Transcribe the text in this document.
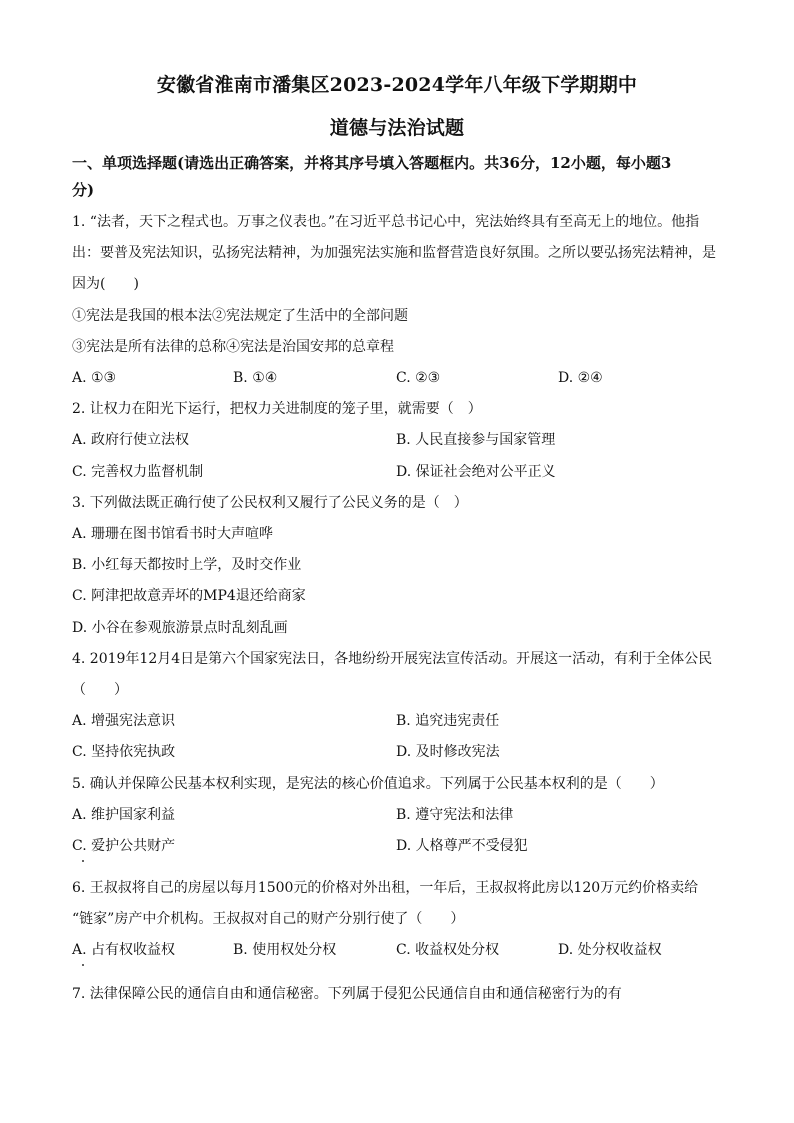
安徽省淮南市潘集区2023-2024学年八年级下学期期中
道德与法治试题
一、单项选择题(请选出正确答案，并将其序号填入答题框内。共36分，12小题，每小题3
分)
1. “法者，天下之程式也。万事之仪表也。”在习近平总书记心中，宪法始终具有至高无上的地位。他指
出：要普及宪法知识，弘扬宪法精神，为加强宪法实施和监督营造良好氛围。之所以要弘扬宪法精神，是
因为(　　)
①宪法是我国的根本法②宪法规定了生活中的全部问题
③宪法是所有法律的总称④宪法是治国安邦的总章程
A. ①③	B. ①④	C. ②③	D. ②④
2. 让权力在阳光下运行，把权力关进制度的笼子里，就需要（　）
A. 政府行使立法权	B. 人民直接参与国家管理
C. 完善权力监督机制	D. 保证社会绝对公平正义
3. 下列做法既正确行使了公民权利又履行了公民义务的是（　）
A. 珊珊在图书馆看书时大声喧哗
B. 小红每天都按时上学，及时交作业
C. 阿津把故意弄坏的MP4退还给商家
D. 小谷在参观旅游景点时乱刻乱画
4. 2019年12月4日是第六个国家宪法日，各地纷纷开展宪法宣传活动。开展这一活动，有利于全体公民
（　　）
A. 增强宪法意识	B. 追究违宪责任
C. 坚持依宪执政	D. 及时修改宪法
5. 确认并保障公民基本权利实现，是宪法的核心价值追求。下列属于公民基本权利的是（　　）
A. 维护国家利益	B. 遵守宪法和法律
C. 爱护公共财产	D. 人格尊严不受侵犯
6. 王叔叔将自己的房屋以每月1500元的价格对外出租，一年后，王叔叔将此房以120万元约价格卖给
“链家”房产中介机构。王叔叔对自己的财产分别行使了（　　）
A. 占有权收益权	B. 使用权处分权	C. 收益权处分权	D. 处分权收益权
7. 法律保障公民的通信自由和通信秘密。下列属于侵犯公民通信自由和通信秘密行为的有
